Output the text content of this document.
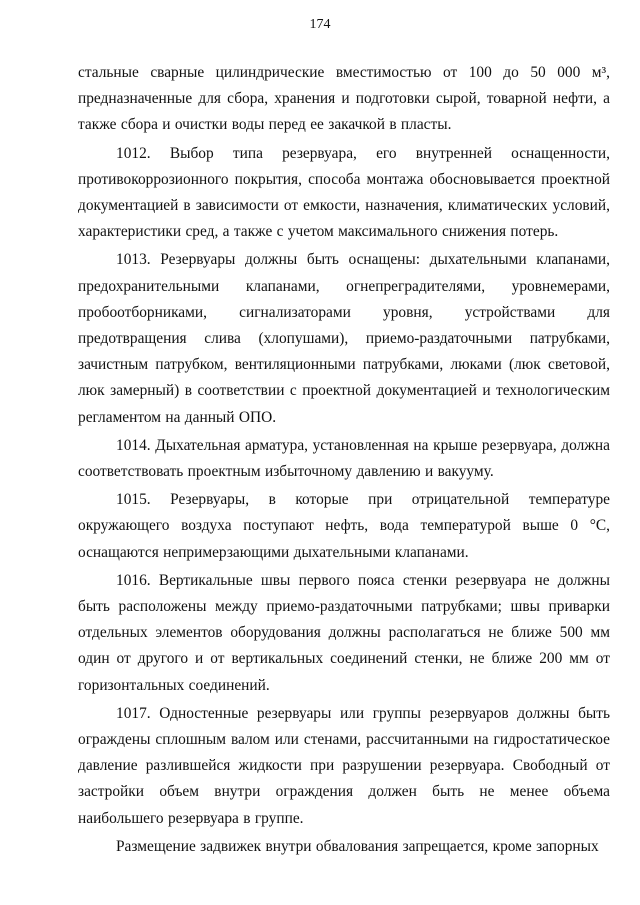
174

стальные сварные цилиндрические вместимостью от 100 до 50 000 м³, предназначенные для сбора, хранения и подготовки сырой, товарной нефти, а также сбора и очистки воды перед ее закачкой в пласты.

1012. Выбор типа резервуара, его внутренней оснащенности, противокоррозионного покрытия, способа монтажа обосновывается проектной документацией в зависимости от емкости, назначения, климатических условий, характеристики сред, а также с учетом максимального снижения потерь.

1013. Резервуары должны быть оснащены: дыхательными клапанами, предохранительными клапанами, огнепреградителями, уровнемерами, пробоотборниками, сигнализаторами уровня, устройствами для предотвращения слива (хлопушами), приемо-раздаточными патрубками, зачистным патрубком, вентиляционными патрубками, люками (люк световой, люк замерный) в соответствии с проектной документацией и технологическим регламентом на данный ОПО.

1014. Дыхательная арматура, установленная на крыше резервуара, должна соответствовать проектным избыточному давлению и вакууму.

1015. Резервуары, в которые при отрицательной температуре окружающего воздуха поступают нефть, вода температурой выше 0 °C, оснащаются непримерзающими дыхательными клапанами.

1016. Вертикальные швы первого пояса стенки резервуара не должны быть расположены между приемо-раздаточными патрубками; швы приварки отдельных элементов оборудования должны располагаться не ближе 500 мм один от другого и от вертикальных соединений стенки, не ближе 200 мм от горизонтальных соединений.

1017. Одностенные резервуары или группы резервуаров должны быть ограждены сплошным валом или стенами, рассчитанными на гидростатическое давление разлившейся жидкости при разрушении резервуара. Свободный от застройки объем внутри ограждения должен быть не менее объема наибольшего резервуара в группе.

Размещение задвижек внутри обвалования запрещается, кроме запорных
